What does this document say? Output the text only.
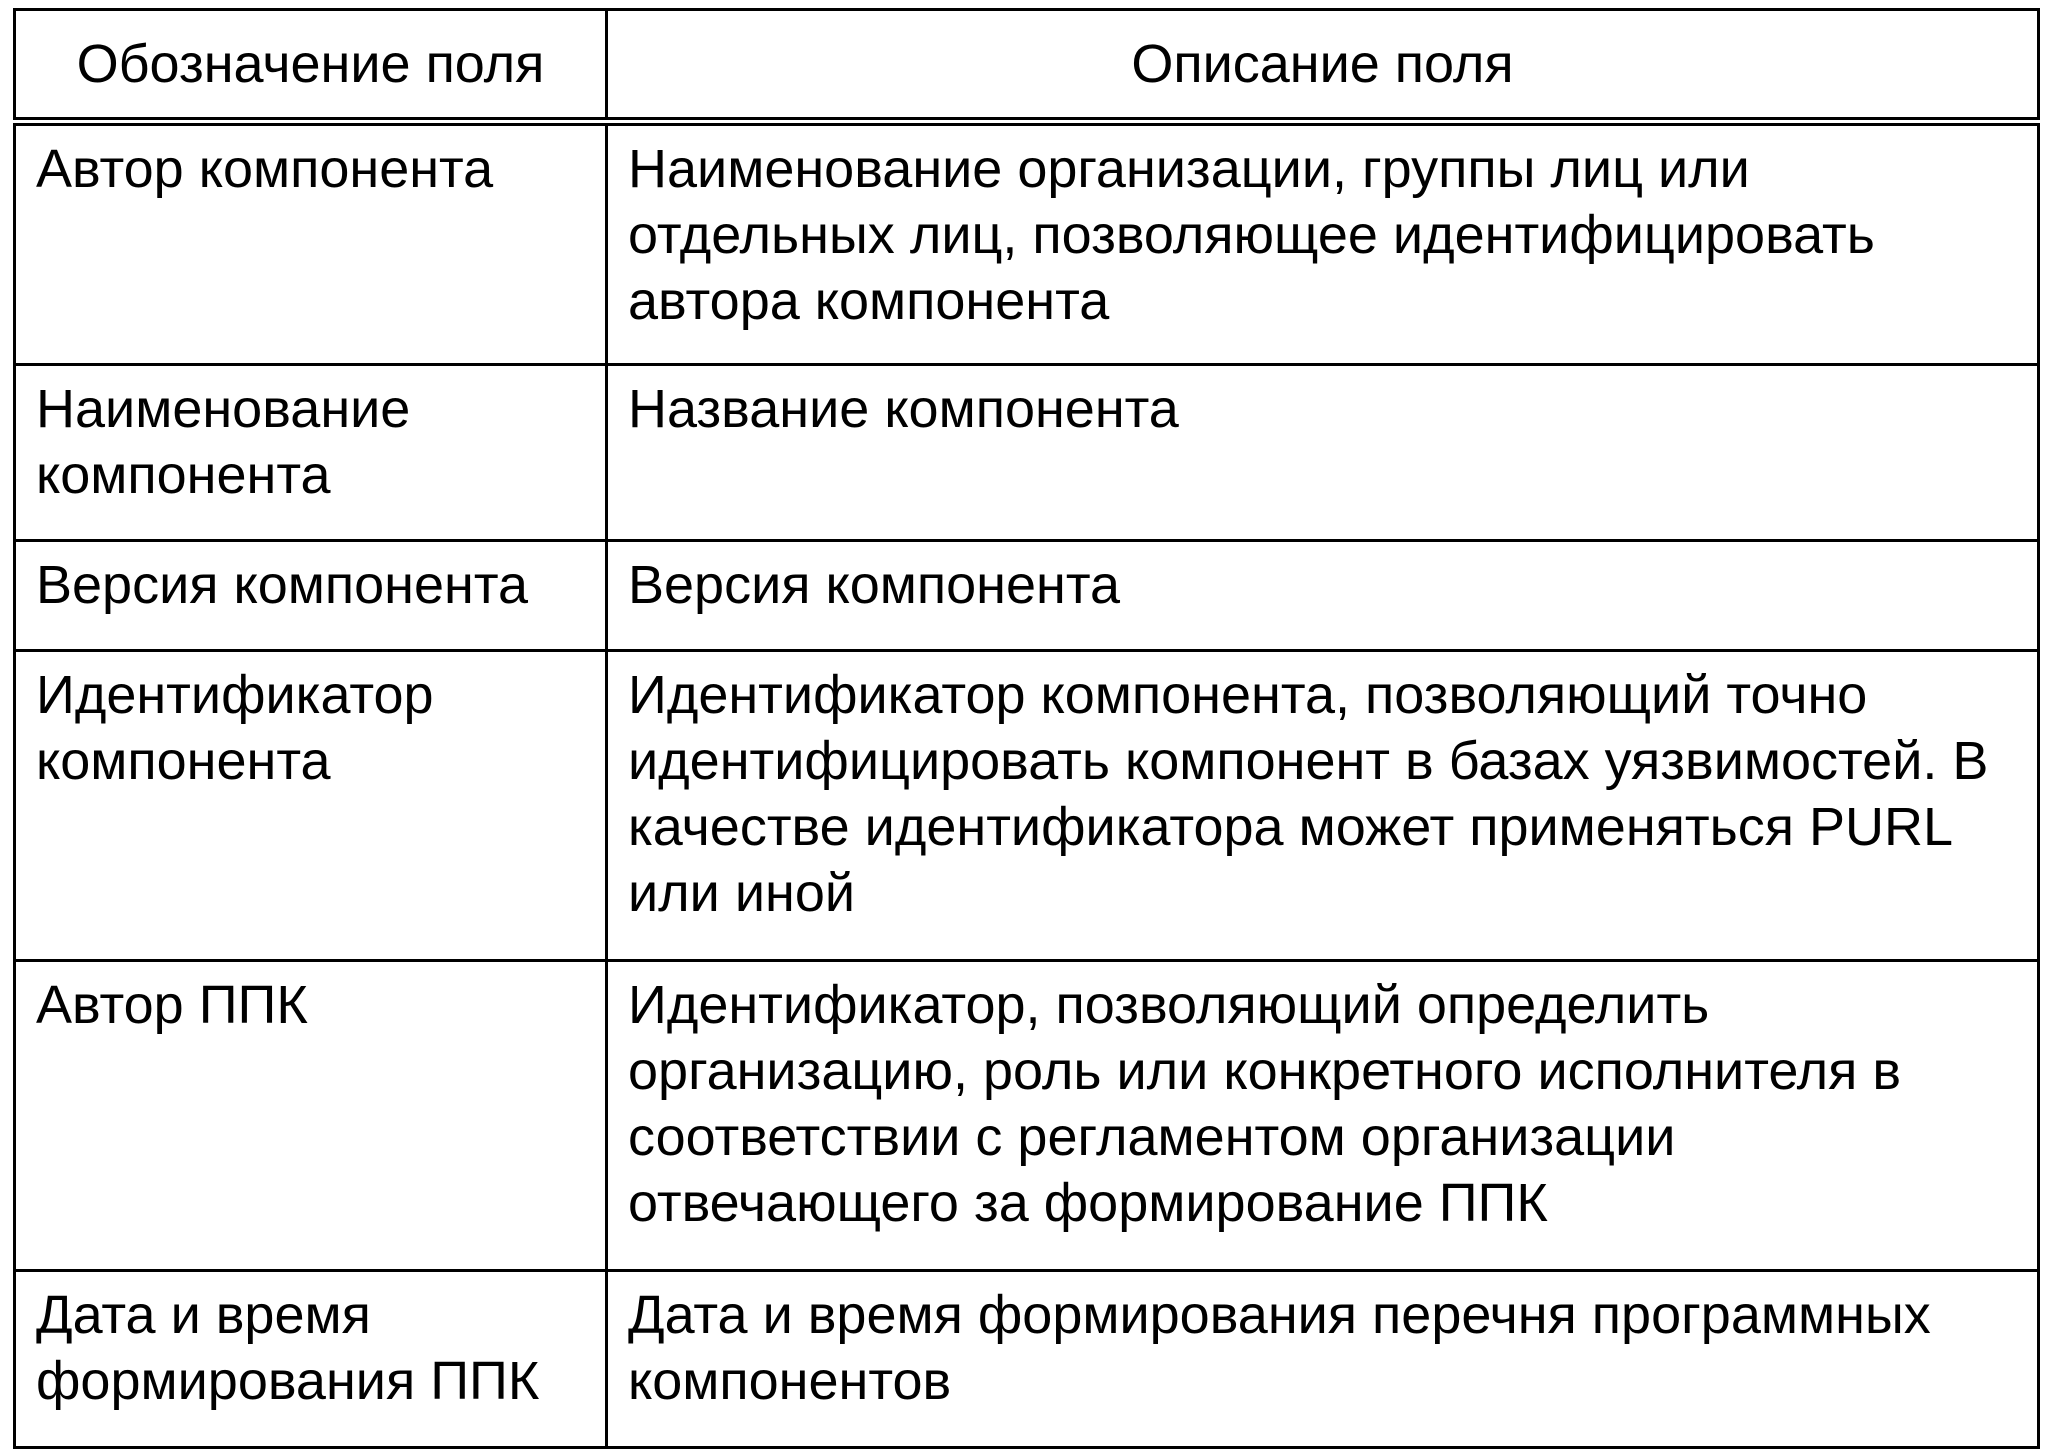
Обозначение поля	Описание поля
Автор компонента	Наименование организации, группы лиц или отдельных лиц, позволяющее идентифицировать автора компонента
Наименование компонента	Название компонента
Версия компонента	Версия компонента
Идентификатор компонента	Идентификатор компонента, позволяющий точно идентифицировать компонент в базах уязвимостей. В качестве идентификатора может применяться PURL или иной
Автор ППК	Идентификатор, позволяющий определить организацию, роль или конкретного исполнителя в соответствии с регламентом организации отвечающего за формирование ППК
Дата и время формирования ППК	Дата и время формирования перечня программных компонентов
